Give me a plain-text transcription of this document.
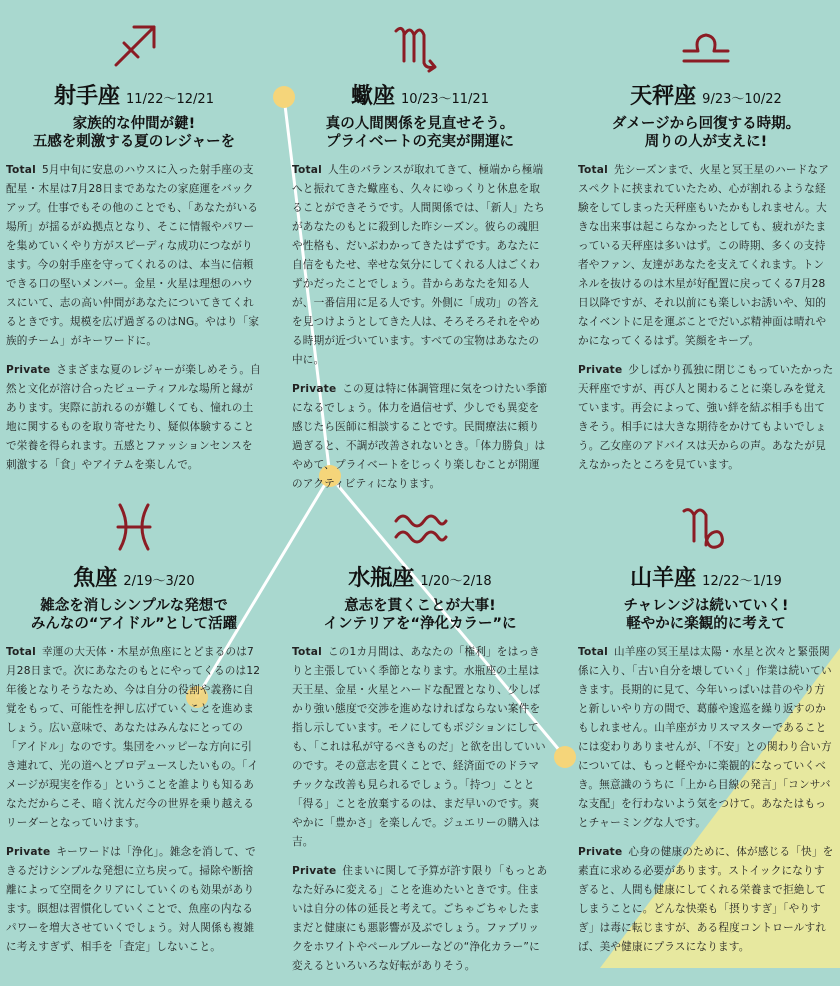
射手座 11/22〜12/21
家族的な仲間が鍵!
五感を刺激する夏のレジャーを

Total 5月中旬に安息のハウスに入った射手座の支配星・木星は7月28日まであなたの家庭運をバックアップ。仕事でもその他のことでも、「あなたがいる場所」が揺るがぬ拠点となり、そこに情報やパワーを集めていくやり方がスピーディな成功につながります。今の射手座を守ってくれるのは、本当に信頼できる口の堅いメンバー。金星・火星は理想のハウスにいて、志の高い仲間があなたについてきてくれるときです。規模を広げ過ぎるのはNG。やはり「家族的チーム」がキーワードに。

Private さまざまな夏のレジャーが楽しめそう。自然と文化が溶け合ったビューティフルな場所と縁があります。実際に訪れるのが難しくても、憧れの土地に関するものを取り寄せたり、疑似体験することで栄養を得られます。五感とファッションセンスを刺激する「食」やアイテムを楽しんで。

蠍座 10/23〜11/21
真の人間関係を見直せそう。
プライベートの充実が開運に

Total 人生のバランスが取れてきて、極端から極端へと振れてきた蠍座も、久々にゆっくりと休息を取ることができそうです。人間関係では、「新人」たちがあなたのもとに殺到した昨シーズン。彼らの魂胆や性格も、だいぶわかってきたはずです。あなたに自信をもたせ、幸せな気分にしてくれる人はごくわずかだったことでしょう。昔からあなたを知る人が、一番信用に足る人です。外側に「成功」の答えを見つけようとしてきた人は、そろそろそれをやめる時期が近づいています。すべての宝物はあなたの中に。

Private この夏は特に体調管理に気をつけたい季節になるでしょう。体力を過信せず、少しでも異変を感じたら医師に相談することです。民間療法に頼り過ぎると、不調が改善されないとき。「体力勝負」はやめて、プライベートをじっくり楽しむことが開運のアクティビティになります。

天秤座 9/23〜10/22
ダメージから回復する時期。
周りの人が支えに!

Total 先シーズンまで、火星と冥王星のハードなアスペクトに挟まれていたため、心が割れるような経験をしてしまった天秤座もいたかもしれません。大きな出来事は起こらなかったとしても、疲れがたまっている天秤座は多いはず。この時期、多くの支持者やファン、友達があなたを支えてくれます。トンネルを抜けるのは木星が好配置に戻ってくる7月28日以降ですが、それ以前にも楽しいお誘いや、知的なイベントに足を運ぶことでだいぶ精神面は晴れやかになってくるはず。笑顔をキープ。

Private 少しばかり孤独に閉じこもっていたかった天秤座ですが、再び人と関わることに楽しみを覚えています。再会によって、強い絆を結ぶ相手も出てきそう。相手には大きな期待をかけてもよいでしょう。乙女座のアドバイスは天からの声。あなたが見えなかったところを見ています。

魚座 2/19〜3/20
雑念を消しシンプルな発想で
みんなの“アイドル”として活躍

Total 幸運の大天体・木星が魚座にとどまるのは7月28日まで。次にあなたのもとにやってくるのは12年後となりそうなため、今は自分の役割や義務に自覚をもって、可能性を押し広げていくことを進めましょう。広い意味で、あなたはみんなにとっての「アイドル」なのです。集団をハッピーな方向に引き連れて、光の道へとプロデュースしたいもの。「イメージが現実を作る」ということを誰よりも知るあなただからこそ、暗く沈んだ今の世界を乗り越えるリーダーとなっていけます。

Private キーワードは「浄化」。雑念を消して、できるだけシンプルな発想に立ち戻って。掃除や断捨離によって空間をクリアにしていくのも効果があります。瞑想は習慣化していくことで、魚座の内なるパワーを増大させていくでしょう。対人関係も複雑に考えすぎず、相手を「査定」しないこと。

水瓶座 1/20〜2/18
意志を貫くことが大事!
インテリアを“浄化カラー”に

Total この1カ月間は、あなたの「権利」をはっきりと主張していく季節となります。水瓶座の土星は天王星、金星・火星とハードな配置となり、少しばかり強い態度で交渉を進めなければならない案件を指し示しています。モノにしてもポジションにしても、「これは私が守るべきものだ」と欲を出していいのです。その意志を貫くことで、経済面でのドラマチックな改善も見られるでしょう。「持つ」ことと「得る」ことを放棄するのは、まだ早いのです。爽やかに「豊かさ」を楽しんで。ジュエリーの購入は吉。

Private 住まいに関して予算が許す限り「もっとあなた好みに変える」ことを進めたいときです。住まいは自分の体の延長と考えて。ごちゃごちゃしたままだと健康にも悪影響が及ぶでしょう。ファブリックをホワイトやペールブルーなどの“浄化カラー”に変えるといろいろな好転がありそう。

山羊座 12/22〜1/19
チャレンジは続いていく!
軽やかに楽観的に考えて

Total 山羊座の冥王星は太陽・水星と次々と緊張関係に入り、「古い自分を壊していく」作業は続いていきます。長期的に見て、今年いっぱいは昔のやり方と新しいやり方の間で、葛藤や逡巡を繰り返すのかもしれません。山羊座がカリスマスターであることには変わりありませんが、「不安」との関わり合い方については、もっと軽やかに楽観的になっていくべき。無意識のうちに「上から目線の発言」「コンサバな支配」を行わないよう気をつけて。あなたはもっとチャーミングな人です。

Private 心身の健康のために、体が感じる「快」を素直に求める必要があります。ストイックになりすぎると、人間も健康にしてくれる栄養まで拒絶してしまうことに。どんな快楽も「摂りすぎ」「やりすぎ」は毒に転じますが、ある程度コントロールすれば、美や健康にプラスになります。
